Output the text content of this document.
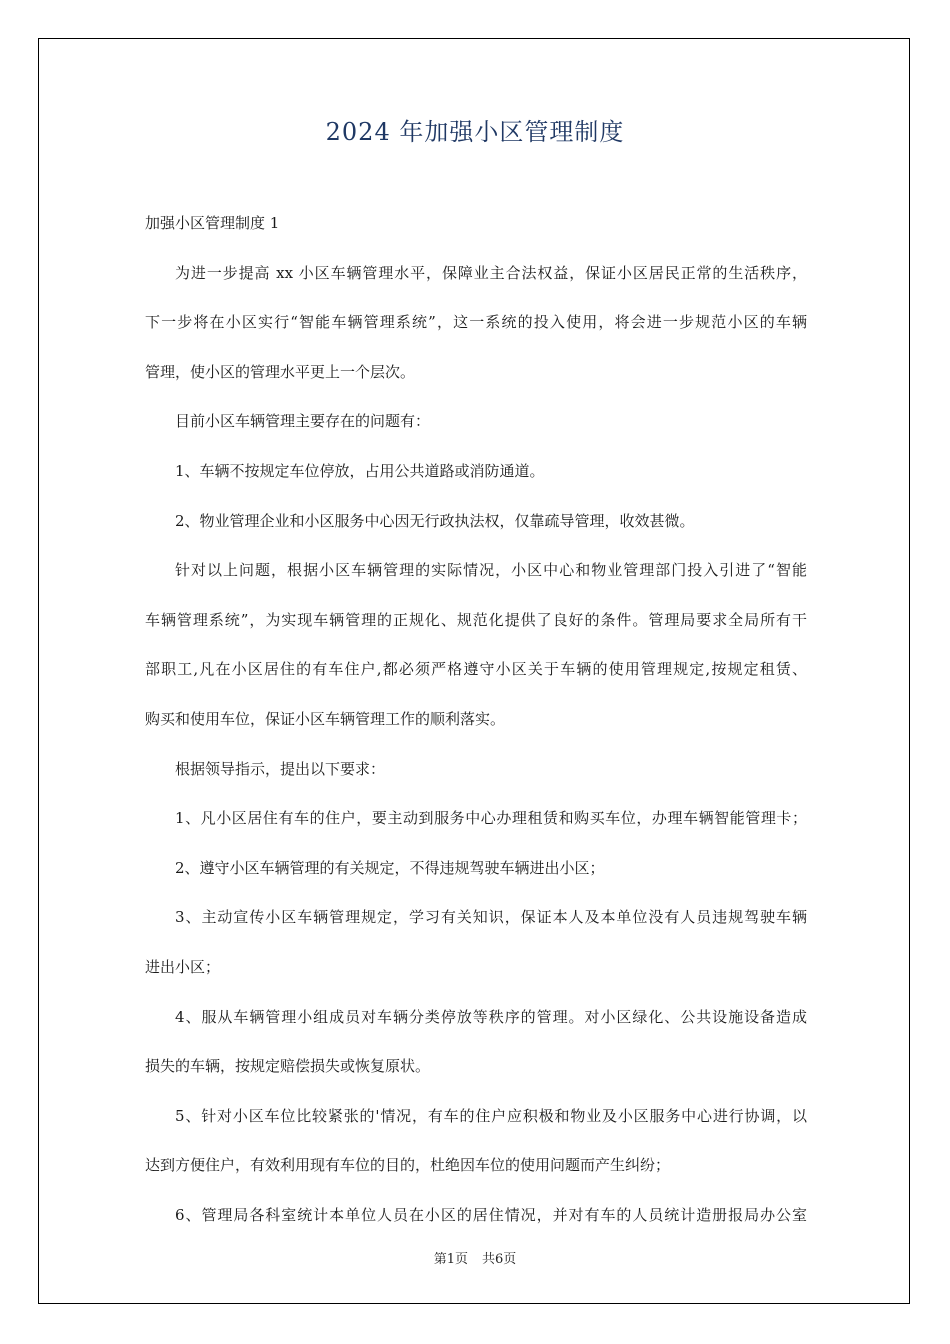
2024 年加强小区管理制度
加强小区管理制度 1
为进一步提高 xx 小区车辆管理水平，保障业主合法权益，保证小区居民正常的生活秩序，
下一步将在小区实行“智能车辆管理系统”，这一系统的投入使用，将会进一步规范小区的车辆
管理，使小区的管理水平更上一个层次。
目前小区车辆管理主要存在的问题有：
1、车辆不按规定车位停放，占用公共道路或消防通道。
2、物业管理企业和小区服务中心因无行政执法权，仅靠疏导管理，收效甚微。
针对以上问题，根据小区车辆管理的实际情况，小区中心和物业管理部门投入引进了“智能
车辆管理系统”，为实现车辆管理的正规化、规范化提供了良好的条件。管理局要求全局所有干
部职工,凡在小区居住的有车住户,都必须严格遵守小区关于车辆的使用管理规定,按规定租赁、
购买和使用车位，保证小区车辆管理工作的顺利落实。
根据领导指示，提出以下要求：
1、凡小区居住有车的住户，要主动到服务中心办理租赁和购买车位，办理车辆智能管理卡；
2、遵守小区车辆管理的有关规定，不得违规驾驶车辆进出小区；
3、主动宣传小区车辆管理规定，学习有关知识，保证本人及本单位没有人员违规驾驶车辆
进出小区；
4、服从车辆管理小组成员对车辆分类停放等秩序的管理。对小区绿化、公共设施设备造成
损失的车辆，按规定赔偿损失或恢复原状。
5、针对小区车位比较紧张的'情况，有车的住户应积极和物业及小区服务中心进行协调，以
达到方便住户，有效利用现有车位的目的，杜绝因车位的使用问题而产生纠纷；
6、管理局各科室统计本单位人员在小区的居住情况，并对有车的人员统计造册报局办公室
第1页 共6页
